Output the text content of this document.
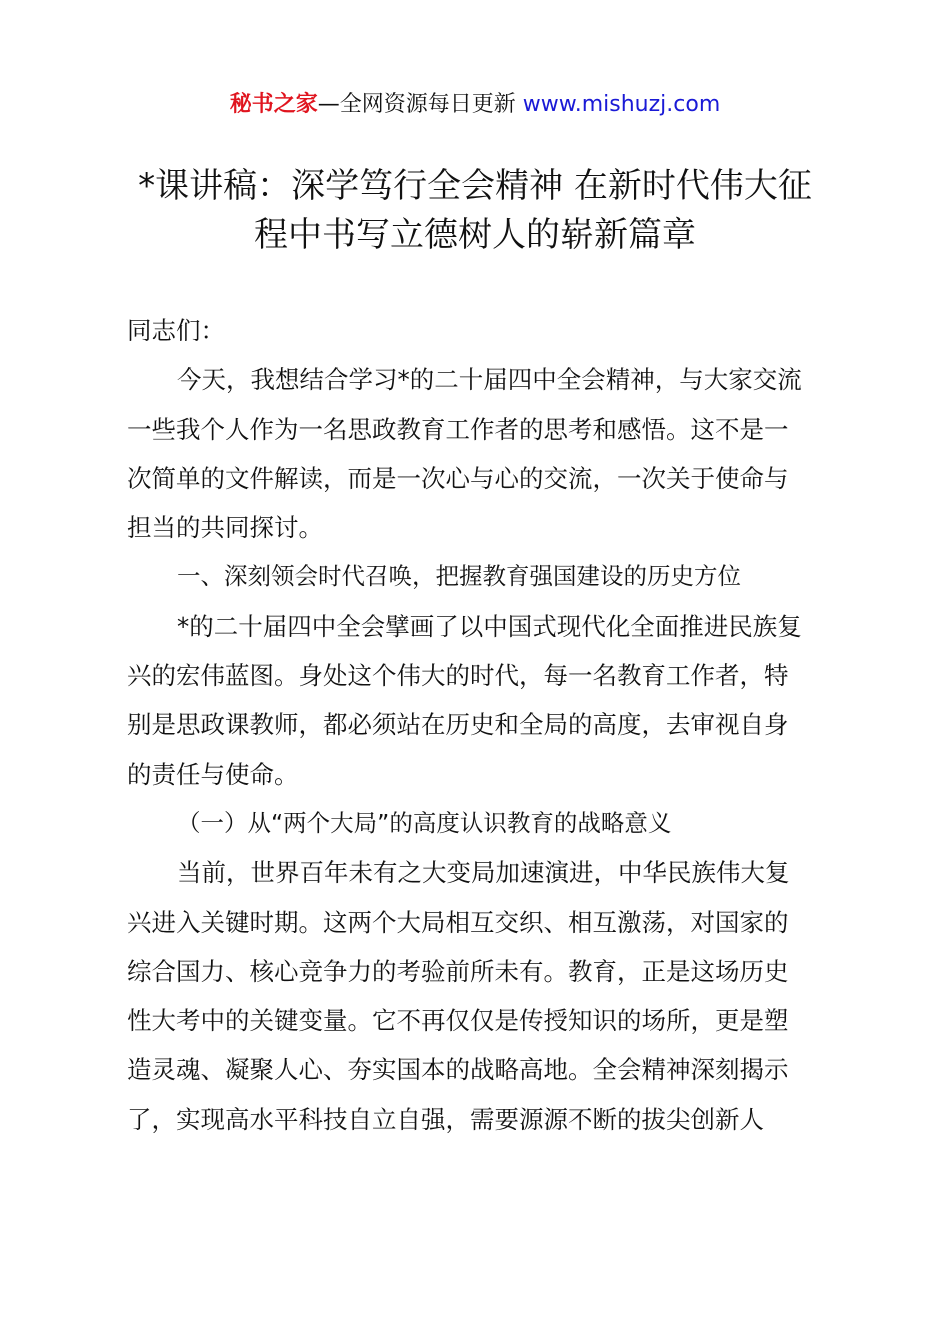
秘书之家—全网资源每日更新 www.mishuzj.com
*课讲稿：深学笃行全会精神 在新时代伟大征
程中书写立德树人的崭新篇章
同志们：
今天，我想结合学习*的二十届四中全会精神，与大家交流
一些我个人作为一名思政教育工作者的思考和感悟。这不是一
次简单的文件解读，而是一次心与心的交流，一次关于使命与
担当的共同探讨。
一、深刻领会时代召唤，把握教育强国建设的历史方位
*的二十届四中全会擘画了以中国式现代化全面推进民族复
兴的宏伟蓝图。身处这个伟大的时代，每一名教育工作者，特
别是思政课教师，都必须站在历史和全局的高度，去审视自身
的责任与使命。
（一）从“两个大局”的高度认识教育的战略意义
当前，世界百年未有之大变局加速演进，中华民族伟大复
兴进入关键时期。这两个大局相互交织、相互激荡，对国家的
综合国力、核心竞争力的考验前所未有。教育，正是这场历史
性大考中的关键变量。它不再仅仅是传授知识的场所，更是塑
造灵魂、凝聚人心、夯实国本的战略高地。全会精神深刻揭示
了，实现高水平科技自立自强，需要源源不断的拔尖创新人
